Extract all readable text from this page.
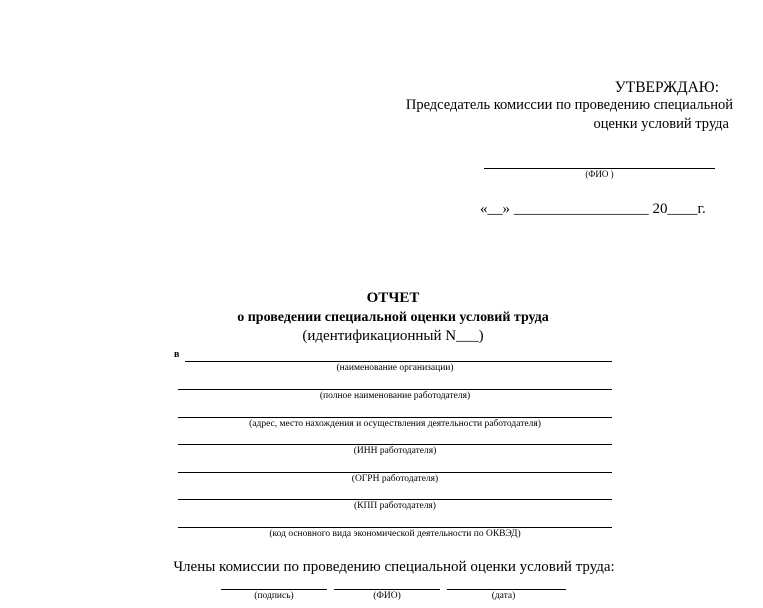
УТВЕРЖДАЮ:
Председатель комиссии по проведению специальной
оценки условий труда
(ФИО )
«__» __________________ 20____г.
ОТЧЕТ
о проведении специальной оценки условий труда
(идентификационный N___)
в
(наименование организации)
(полное наименование работодателя)
(адрес, место нахождения и осуществления деятельности работодателя)
(ИНН работодателя)
(ОГРН работодателя)
(КПП работодателя)
(код основного вида экономической деятельности по ОКВЭД)
Члены комиссии по проведению специальной оценки условий труда:
(подпись)	(ФИО)	(дата)
